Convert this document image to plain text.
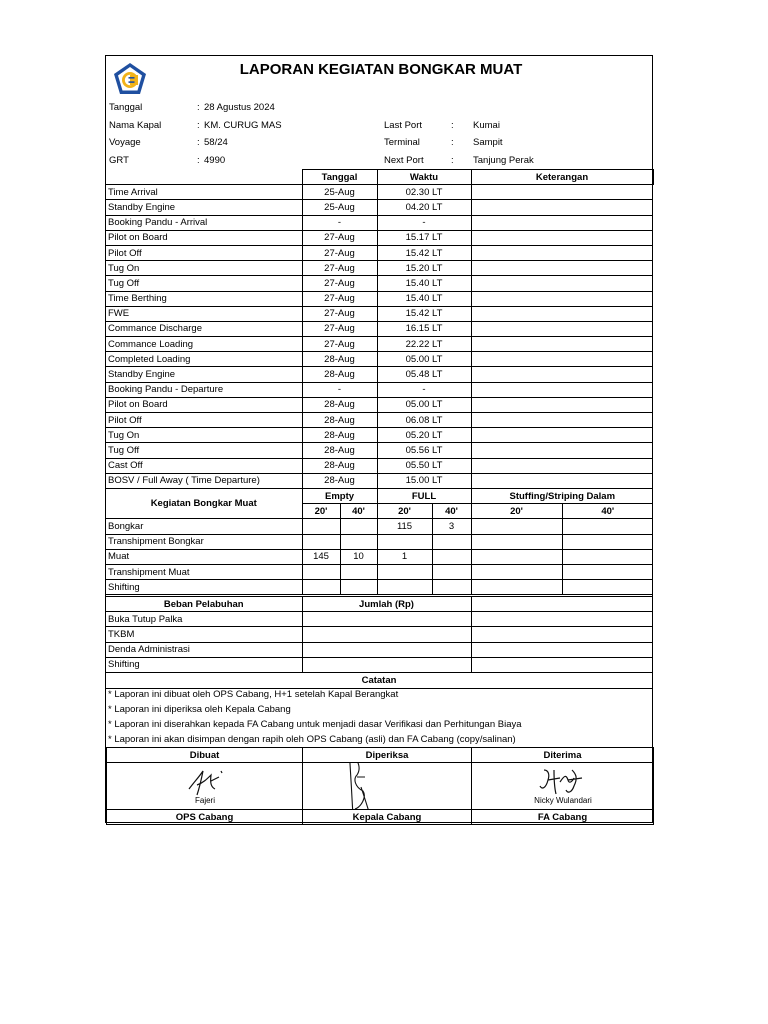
LAPORAN KEGIATAN BONGKAR MUAT
Tanggal	: 28 Agustus 2024
Nama Kapal	: KM. CURUG MAS
Voyage	: 58/24
GRT	: 4990
Last Port	: Kumai
Terminal	: Sampit
Next Port	: Tanjung Perak
	Tanggal	Waktu	Keterangan
Time Arrival	25-Aug	02.30 LT	
Standby Engine	25-Aug	04.20 LT	
Booking Pandu - Arrival	-	-	
Pilot on Board	27-Aug	15.17 LT	
Pilot Off	27-Aug	15.42 LT	
Tug On	27-Aug	15.20 LT	
Tug Off	27-Aug	15.40 LT	
Time Berthing	27-Aug	15.40 LT	
FWE	27-Aug	15.42 LT	
Commance Discharge	27-Aug	16.15 LT	
Commance Loading	27-Aug	22.22 LT	
Completed Loading	28-Aug	05.00 LT	
Standby Engine	28-Aug	05.48 LT	
Booking Pandu - Departure	-	-	
Pilot on Board	28-Aug	05.00 LT	
Pilot Off	28-Aug	06.08 LT	
Tug On	28-Aug	05.20 LT	
Tug Off	28-Aug	05.56 LT	
Cast Off	28-Aug	05.50 LT	
BOSV / Full Away ( Time Departure)	28-Aug	15.00 LT	
Kegiatan Bongkar Muat	Empty		FULL		Stuffing/Striping Dalam	
	20'	40'	20'	40'	20'	40'
Bongkar			115	3		
Transhipment Bongkar						
Muat	145	10	1			
Transhipment Muat						
Shifting						
Beban Pelabuhan	Jumlah (Rp)	
Buka Tutup Palka		
TKBM		
Denda Administrasi		
Shifting		
Catatan
* Laporan ini dibuat oleh OPS Cabang, H+1 setelah Kapal Berangkat
* Laporan ini diperiksa oleh Kepala Cabang
* Laporan ini diserahkan kepada FA Cabang untuk menjadi dasar Verifikasi dan Perhitungan Biaya
* Laporan ini akan disimpan dengan rapih oleh OPS Cabang (asli) dan FA Cabang (copy/salinan)
Dibuat	Diperiksa	Diterima

Fajeri		Nicky Wulandari

OPS Cabang	Kepala Cabang	FA Cabang
